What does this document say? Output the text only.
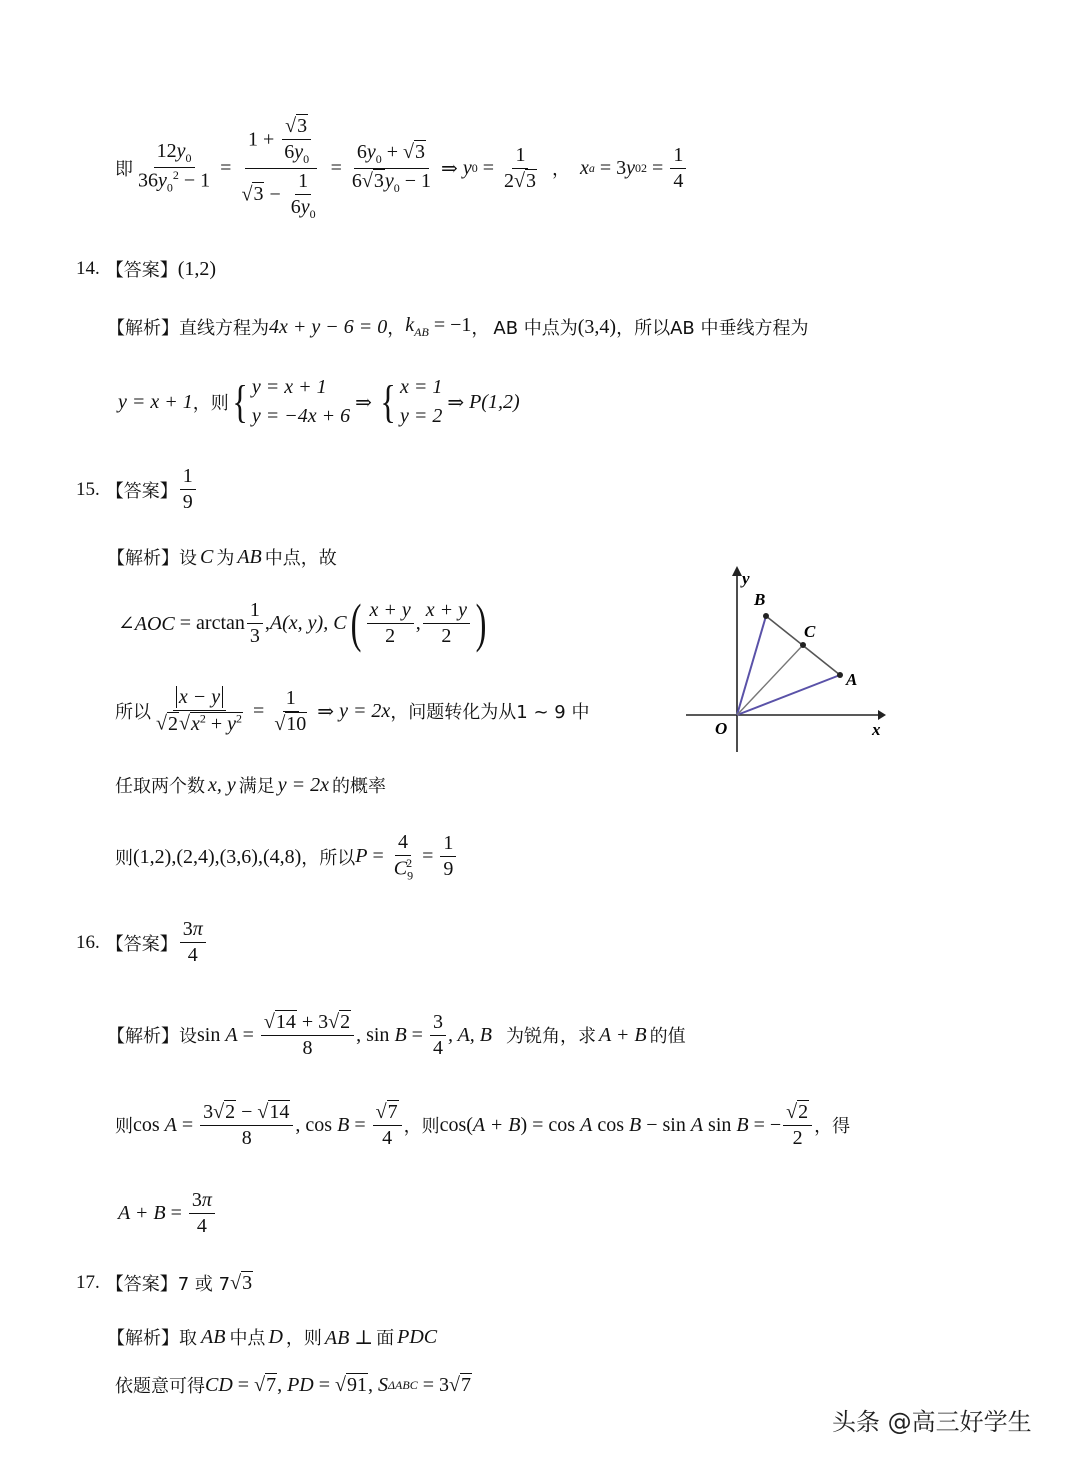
即 $\frac{12y_0}{36y_0^2 - 1} = \frac{1 + \frac{√3}{6y_0}}{√3 - \frac{1}{6y_0}} = \frac{6y_0 + √3}{6√3y_0 - 1}$ ⇒ y $0 = \frac{1}{2√3}$ ， x a = 3 y 0 $2 = \frac{1}{4}$
14. 【答案】 (1,2)
【解析】 直线方程为 4x + y − 6 = 0 ， $k_{AB} = -1$ ， AB 中点为 (3,4) ，所以 AB 中垂线方程为
y = x + 1 ，则 { y = x + 1
y = −4x + 6
⇒ { x = 1
y = 2
⇒ P(1,2)
15. 【答案】 $\frac{1}{9}$
【解析】 设 C 为 AB 中点，故
∠AOC = $\arctan \frac{1}{3}$ , A(x, y), C ( $\frac{x + y}{2}$ , $\frac{x + y}{2}$ )
所以 $\frac{x - y}{√2√x^2 + y^2} = \frac{1}{√10}$ ⇒ y = 2x ，问题转化为从1 ~ 9 中
任取两个数 x, y 满足 y = 2x 的概率
则 (1,2),(2,4),(3,6),(4,8) ，所以 $P = \frac{4}{C_9^2} = \frac{1}{9}$
y
B
C
A
O	x
16. 【答案】 $\frac{3\pi}{4}$
【解析】 设 $\sin A = \frac{√14 + 3√2}{8}$ , $\sin B = \frac{3}{4}$ , A, B 为锐角，求 A + B 的值
则 $\cos A = \frac{3√2 - √14}{8}$ , $\cos B = \frac{√7}{4}$ ，则 cos( A + B ) = cos A cos B − sin A sin B = − $\frac{√2}{2}$ ，得
$A + B = \frac{3\pi}{4}$
17. 【答案】 7 或 7 √ 3
【解析】 取 AB 中点 D ，则 AB ⊥ 面 PDC
依题意可得 CD = √ 7 , PD = √ 91 , S ΔABC = 3√ 7
头条 @高三好学生
